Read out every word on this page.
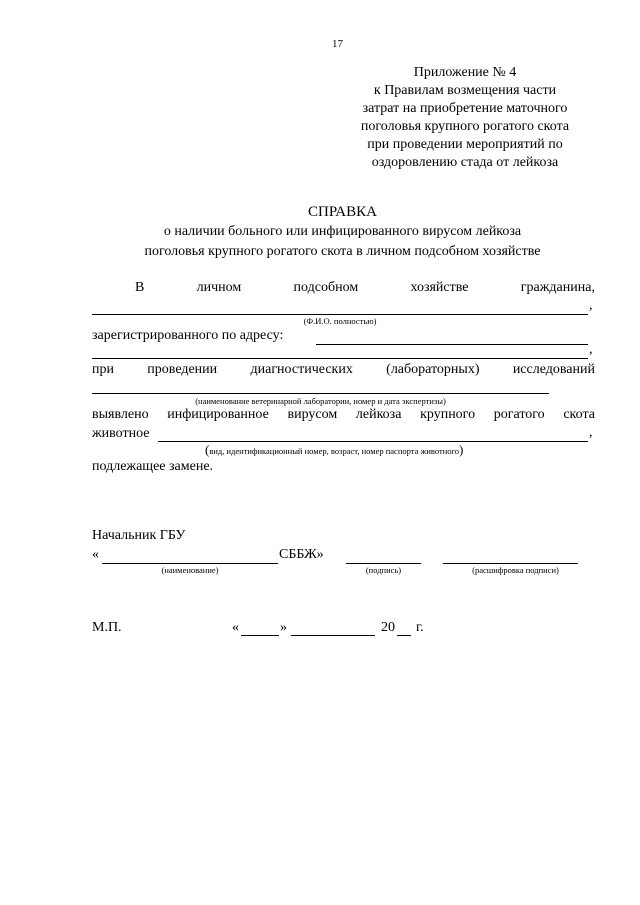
17
Приложение № 4
к Правилам возмещения части
затрат на приобретение маточного
поголовья крупного рогатого скота
при проведении мероприятий по
оздоровлению стада от лейкоза
СПРАВКА
о наличии больного или инфицированного вирусом лейкоза
поголовья крупного рогатого скота в личном подсобном хозяйстве
В	личном	подсобном	хозяйстве	гражданина,
,
(Ф.И.О. полностью)
зарегистрированного по адресу:
,
при проведении диагностических (лабораторных) исследований
(наименование ветеринарной лаборатории, номер и дата экспертизы)
выявлено инфицированное вирусом лейкоза крупного рогатого скота
животное	,
(вид, идентификационный номер, возраст, номер паспорта животного)
подлежащее замене.
Начальник ГБУ
«	СББЖ»
(наименование)	(подпись)	(расшифровка подписи)
М.П.	«	»	20 г.
